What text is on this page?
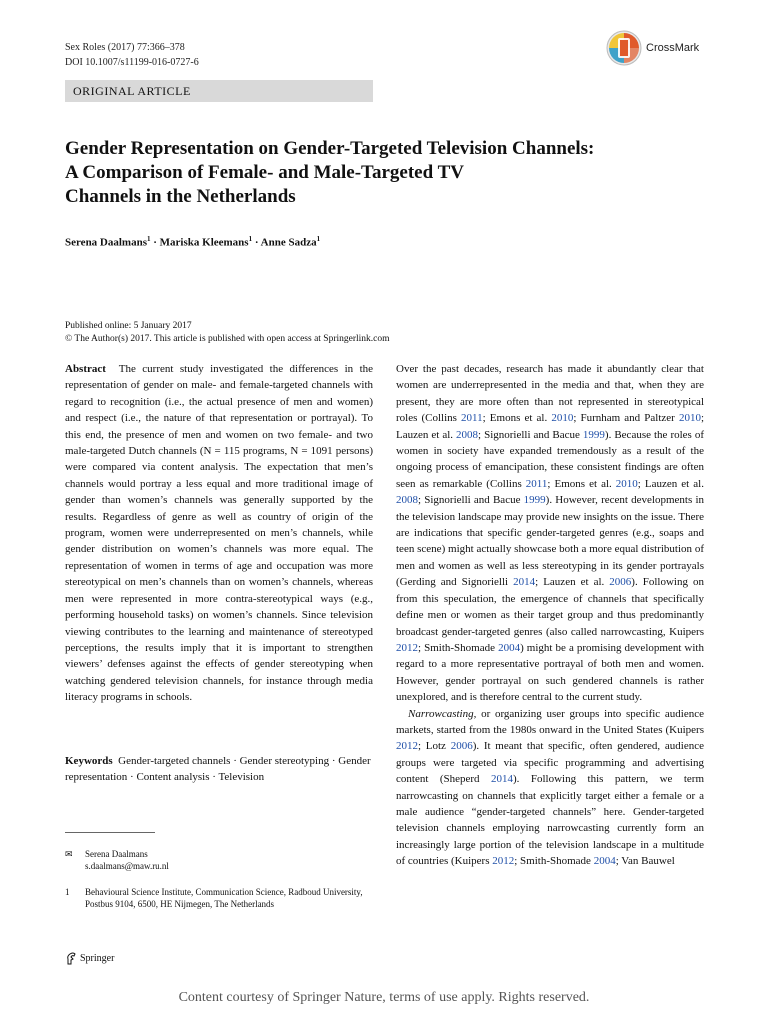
Sex Roles (2017) 77:366–378
DOI 10.1007/s11199-016-0727-6
CrossMark
ORIGINAL ARTICLE
Gender Representation on Gender-Targeted Television Channels:
A Comparison of Female- and Male-Targeted TV
Channels in the Netherlands
Serena Daalmans$^1$ · Mariska Kleemans$^1$ · Anne Sadza$^1$
Published online: 5 January 2017
© The Author(s) 2017. This article is published with open access at Springerlink.com

Abstract The current study investigated the differences in the representation of gender on male- and female-targeted channels with regard to recognition (i.e., the actual presence of men and women) and respect (i.e., the nature of that representation or portrayal). To this end, the presence of men and women on two female- and two male-targeted Dutch channels (N = 115 programs, N = 1091 persons) were compared via content analysis. The expectation that men’s channels would portray a less equal and more traditional image of gender than women’s channels was generally supported by the results. Regardless of genre as well as country of origin of the program, women were underrepresented on men’s channels, while gender distribution on women’s channels was more equal. The representation of women in terms of age and occupation was more stereotypical on men’s channels than on women’s channels, whereas men were represented in more contra-stereotypical ways (e.g., performing household tasks) on women’s channels. Since television viewing contributes to the learning and maintenance of stereotyped perceptions, the results imply that it is important to strengthen viewers’ defenses against the effects of gender stereotyping when watching gendered television channels, for instance through media literacy programs in schools.

Keywords Gender-targeted channels · Gender stereotyping · Gender representation · Content analysis · Television
✉	Serena Daalmans
s.daalmans@maw.ru.nl
1	Behavioural Science Institute, Communication Science, Radboud University, Postbus 9104, 6500, HE Nijmegen, The Netherlands

Over the past decades, research has made it abundantly clear that women are underrepresented in the media and that, when they are present, they are more often than not represented in stereotypical roles (Collins 2011; Emons et al. 2010; Furnham and Paltzer 2010; Lauzen et al. 2008; Signorielli and Bacue 1999). Because the roles of women in society have expanded tremendously as a result of the ongoing process of emancipation, these consistent findings are often seen as remarkable (Collins 2011; Emons et al. 2010; Lauzen et al. 2008; Signorielli and Bacue 1999). However, recent developments in the television landscape may provide new insights on the issue. There are indications that specific gender-targeted genres (e.g., soaps and teen scene) might actually showcase both a more equal distribution of men and women as well as less stereotyping in its gender portrayals (Gerding and Signorielli 2014; Lauzen et al. 2006). Following on from this speculation, the emergence of channels that specifically define men or women as their target group and thus predominantly broadcast gender-targeted genres (also called narrowcasting, Kuipers 2012; Smith-Shomade 2004) might be a promising development with regard to a more representative portrayal of both men and women. However, gender portrayal on such gendered channels is rather unexplored, and is therefore central to the current study.

Narrowcasting, or organizing user groups into specific audience markets, started from the 1980s onward in the United States (Kuipers 2012; Lotz 2006). It meant that specific, often gendered, audience groups were targeted via specific programming and advertising content (Sheperd 2014). Following this pattern, we term narrowcasting on channels that explicitly target either a female or a male audience “gender-targeted channels” here. Gender-targeted television channels employing narrowcasting currently form an increasingly large portion of the television landscape in a multitude of countries (Kuipers 2012; Smith-Shomade 2004; Van Bauwel

Springer
Content courtesy of Springer Nature, terms of use apply. Rights reserved.
